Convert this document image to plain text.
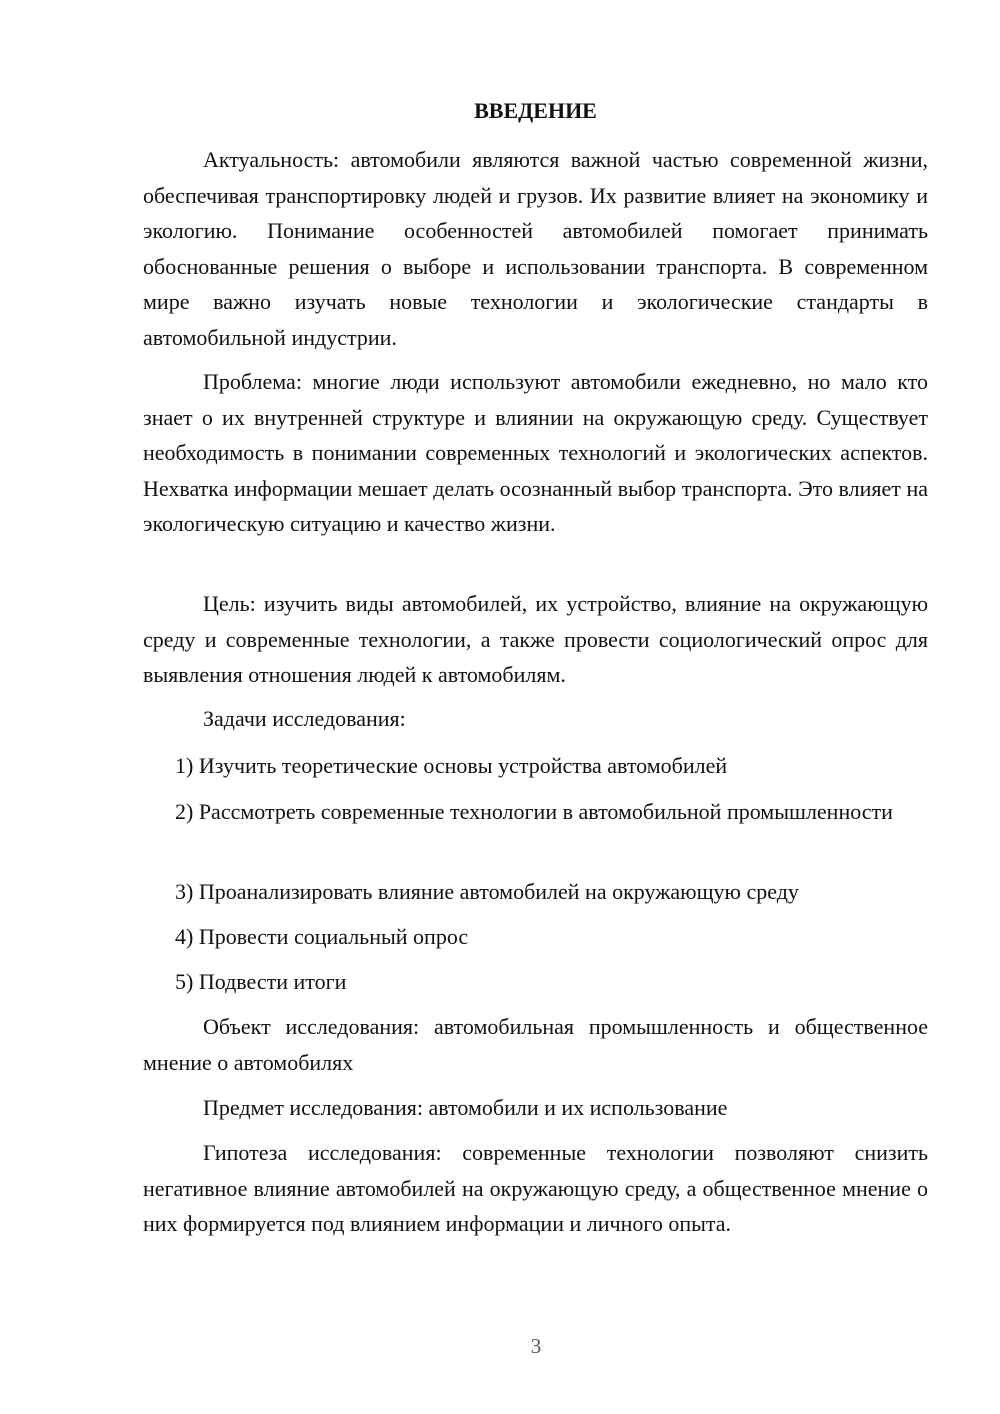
ВВЕДЕНИЕ

Актуальность: автомобили являются важной частью современной жизни, обеспечивая транспортировку людей и грузов. Их развитие влияет на экономику и экологию. Понимание особенностей автомобилей помогает принимать обоснованные решения о выборе и использовании транспорта. В современном мире важно изучать новые технологии и экологические стандарты в автомобильной индустрии.

Проблема: многие люди используют автомобили ежедневно, но мало кто знает о их внутренней структуре и влиянии на окружающую среду. Существует необходимость в понимании современных технологий и экологических аспектов. Нехватка информации мешает делать осознанный выбор транспорта. Это влияет на экологическую ситуацию и качество жизни.

Цель: изучить виды автомобилей, их устройство, влияние на окружающую среду и современные технологии, а также провести социологический опрос для выявления отношения людей к автомобилям.

Задачи исследования:

1) Изучить теоретические основы устройства автомобилей

2) Рассмотреть современные технологии в автомобильной промышленности

3) Проанализировать влияние автомобилей на окружающую среду

4) Провести социальный опрос

5) Подвести итоги

Объект исследования: автомобильная промышленность и общественное мнение о автомобилях

Предмет исследования: автомобили и их использование

Гипотеза исследования: современные технологии позволяют снизить негативное влияние автомобилей на окружающую среду, а общественное мнение о них формируется под влиянием информации и личного опыта.

3
